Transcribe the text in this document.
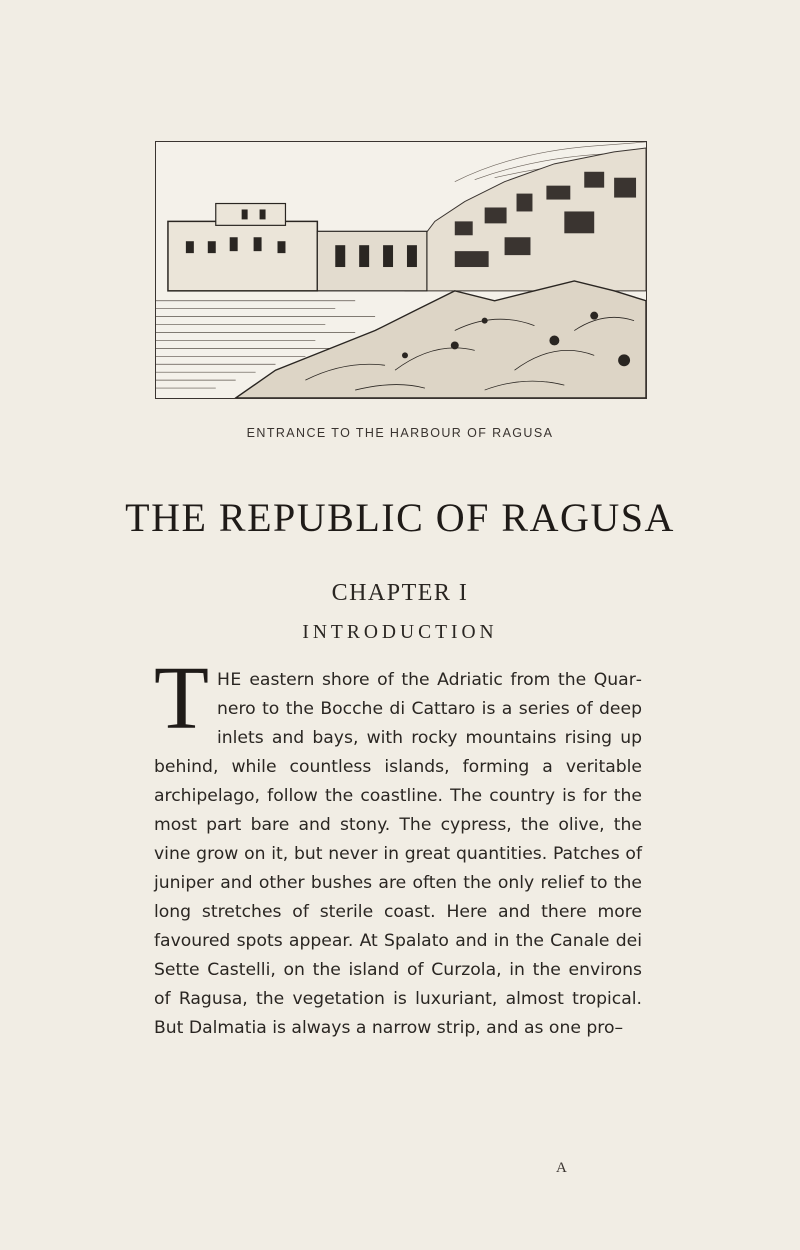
ENTRANCE TO THE HARBOUR OF RAGUSA
THE REPUBLIC OF RAGUSA
CHAPTER I
INTRODUCTION
THE eastern shore of the Adriatic from the Quarnero to the Bocche di Cattaro is a series of deep inlets and bays, with rocky mountains rising up behind, while countless islands, forming a veritable archipelago, follow the coastline. The country is for the most part bare and stony. The cypress, the olive, the vine grow on it, but never in great quantities. Patches of juniper and other bushes are often the only relief to the long stretches of sterile coast. Here and there more favoured spots appear. At Spalato and in the Canale dei Sette Castelli, on the island of Curzola, in the environs of Ragusa, the vegetation is luxuriant, almost tropical. But Dalmatia is always a narrow strip, and as one pro–
A
